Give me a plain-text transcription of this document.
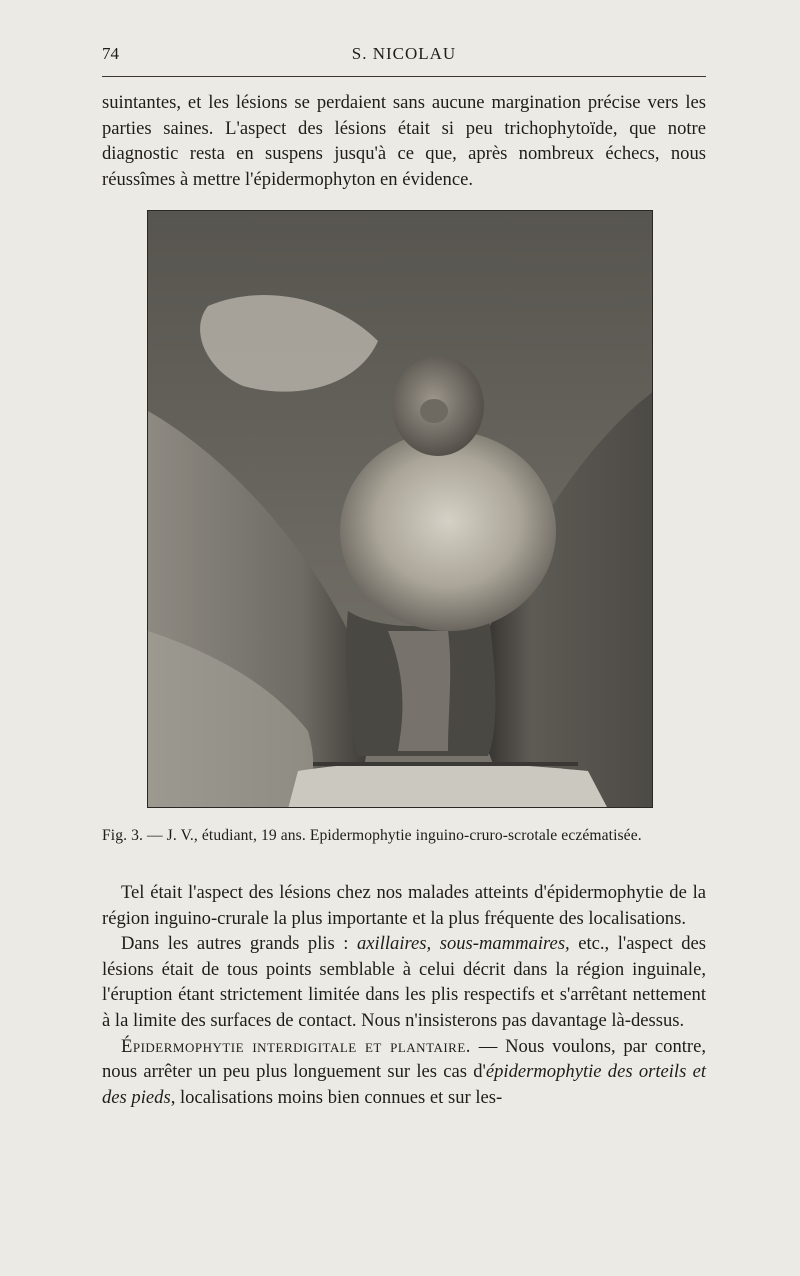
74	S. NICOLAU

suintantes, et les lésions se perdaient sans aucune margination précise vers les parties saines. L'aspect des lésions était si peu trichophytoïde, que notre diagnostic resta en suspens jusqu'à ce que, après nombreux échecs, nous réussîmes à mettre l'épidermophyton en évidence.

Fig. 3. — J. V., étudiant, 19 ans. Epidermophytie inguino-cruro-scrotale eczématisée.

Tel était l'aspect des lésions chez nos malades atteints d'épidermophytie de la région inguino-crurale la plus importante et la plus fréquente des localisations.

Dans les autres grands plis : axillaires, sous-mammaires, etc., l'aspect des lésions était de tous points semblable à celui décrit dans la région inguinale, l'éruption étant strictement limitée dans les plis respectifs et s'arrêtant nettement à la limite des surfaces de contact. Nous n'insisterons pas davantage là-dessus.

Épidermophytie interdigitale et plantaire. — Nous voulons, par contre, nous arrêter un peu plus longuement sur les cas d'épidermophytie des orteils et des pieds, localisations moins bien connues et sur les-
